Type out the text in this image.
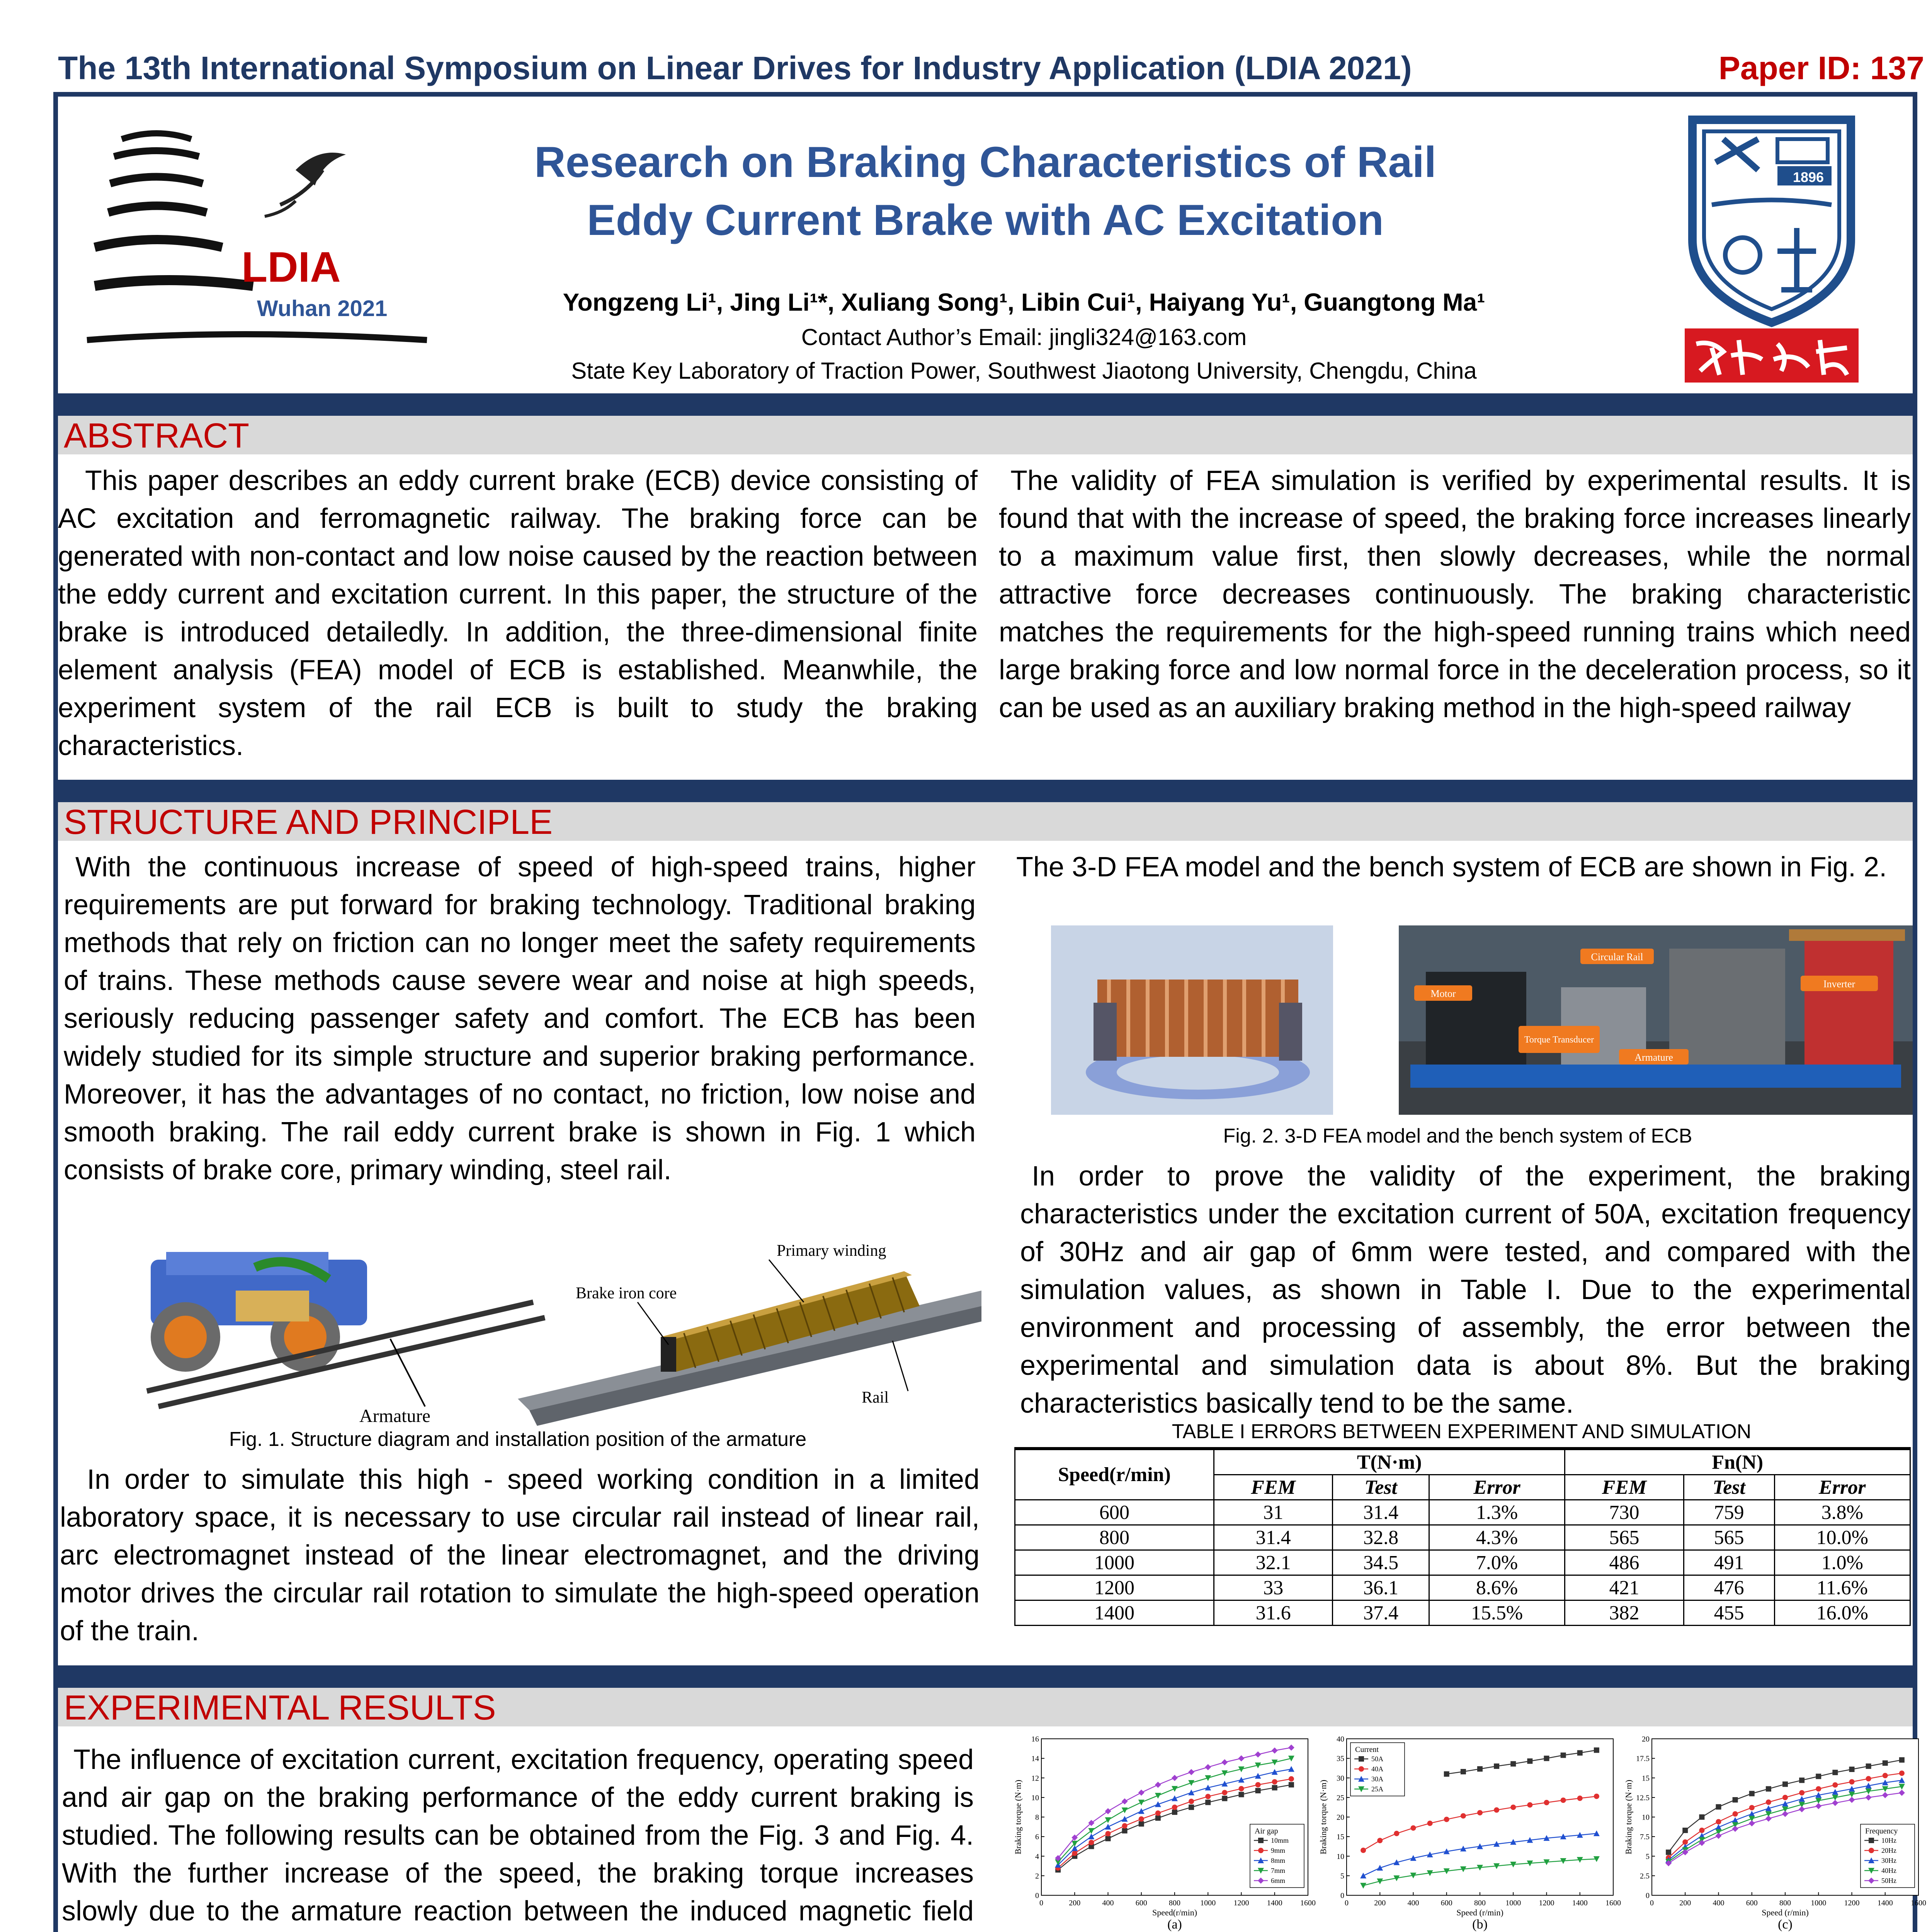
The 13th International Symposium on Linear Drives for Industry Application (LDIA 2021)	Paper ID: 137
LDIA
Wuhan 2021
Research on Braking Characteristics of Rail
Eddy Current Brake with AC Excitation
Yongzeng Li¹, Jing Li¹*, Xuliang Song¹, Libin Cui¹, Haiyang Yu¹, Guangtong Ma¹
Contact Author’s Email: jingli324@163.com
State Key Laboratory of Traction Power, Southwest Jiaotong University, Chengdu, China
1896
ABSTRACT
This paper describes an eddy current brake (ECB) device consisting of AC excitation and ferromagnetic railway. The braking force can be generated with non-contact and low noise caused by the reaction between the eddy current and excitation current. In this paper, the structure of the brake is introduced detailedly. In addition, the three-dimensional finite element analysis (FEA) model of ECB is established. Meanwhile, the experiment system of the rail ECB is built to study the braking characteristics.
The validity of FEA simulation is verified by experimental results. It is found that with the increase of speed, the braking force increases linearly to a maximum value first, then slowly decreases, while the normal attractive force decreases continuously. The braking characteristic matches the requirements for the high-speed running trains which need large braking force and low normal force in the deceleration process, so it can be used as an auxiliary braking method in the high-speed railway
STRUCTURE AND PRINCIPLE
With the continuous increase of speed of high-speed trains, higher requirements are put forward for braking technology. Traditional braking methods that rely on friction can no longer meet the safety requirements of trains. These methods cause severe wear and noise at high speeds, seriously reducing passenger safety and comfort. The ECB has been widely studied for its simple structure and superior braking performance. Moreover, it has the advantages of no contact, no friction, low noise and smooth braking. The rail eddy current brake is shown in Fig. 1 which consists of brake core, primary winding, steel rail.
Primary winding
Brake iron core
Rail
Armature
Fig. 1. Structure diagram and installation position of the armature
In order to simulate this high - speed working condition in a limited laboratory space, it is necessary to use circular rail instead of linear rail, arc electromagnet instead of the linear electromagnet, and the driving motor drives the circular rail rotation to simulate the high-speed operation of the train.
The 3-D FEA model and the bench system of ECB are shown in Fig. 2.
Circular Rail
Inverter
Motor
Torque Transducer
Armature
Fig. 2. 3-D FEA model and the bench system of ECB
In order to prove the validity of the experiment, the braking characteristics under the excitation current of 50A, excitation frequency of 30Hz and air gap of 6mm were tested, and compared with the simulation values, as shown in Table I. Due to the experimental environment and processing of assembly, the error between the experimental and simulation data is about 8%. But the braking characteristics basically tend to be the same.
TABLE I ERRORS BETWEEN EXPERIMENT AND SIMULATION
Speed(r/min)	T(N·m)			Fn(N)		
	FEM	Test	Error	FEM	Test	Error
600	31	31.4	1.3%	730	759	3.8%
800	31.4	32.8	4.3%	565	565	10.0%
1000	32.1	34.5	7.0%	486	491	1.0%
1200	33	36.1	8.6%	421	476	11.6%
1400	31.6	37.4	15.5%	382	455	16.0%
EXPERIMENTAL RESULTS
The influence of excitation current, excitation frequency, operating speed and air gap on the braking performance of the eddy current braking is studied. The following results can be obtained from the Fig. 3 and Fig. 4. With the further increase of the speed, the braking torque increases slowly due to the armature reaction between the induced magnetic field	0
2
4
6
8
10
12
14
16
0	200	400	600	800	1000 1200 1400 1600
Speed(r/min)
Braking torque (N·m)
(a)
Air gap
10mm
9mm
8mm
7mm
6mm
0
5
10
15
20
25
30
35
40
0	200	400	600	800	1000 1200 1400 1600
Speed (r/min)
Braking torque (N·m)
(b)
Current
50A
40A
30A
25A
0
2.5
5
7.5
10
12.5
15
17.5
20
0	200	400	600	800	1000 1200 1400 1600
Speed (r/min)
Braking torque (N·m)
(c)
Frequency
10Hz
20Hz
30Hz
40Hz
50Hz
